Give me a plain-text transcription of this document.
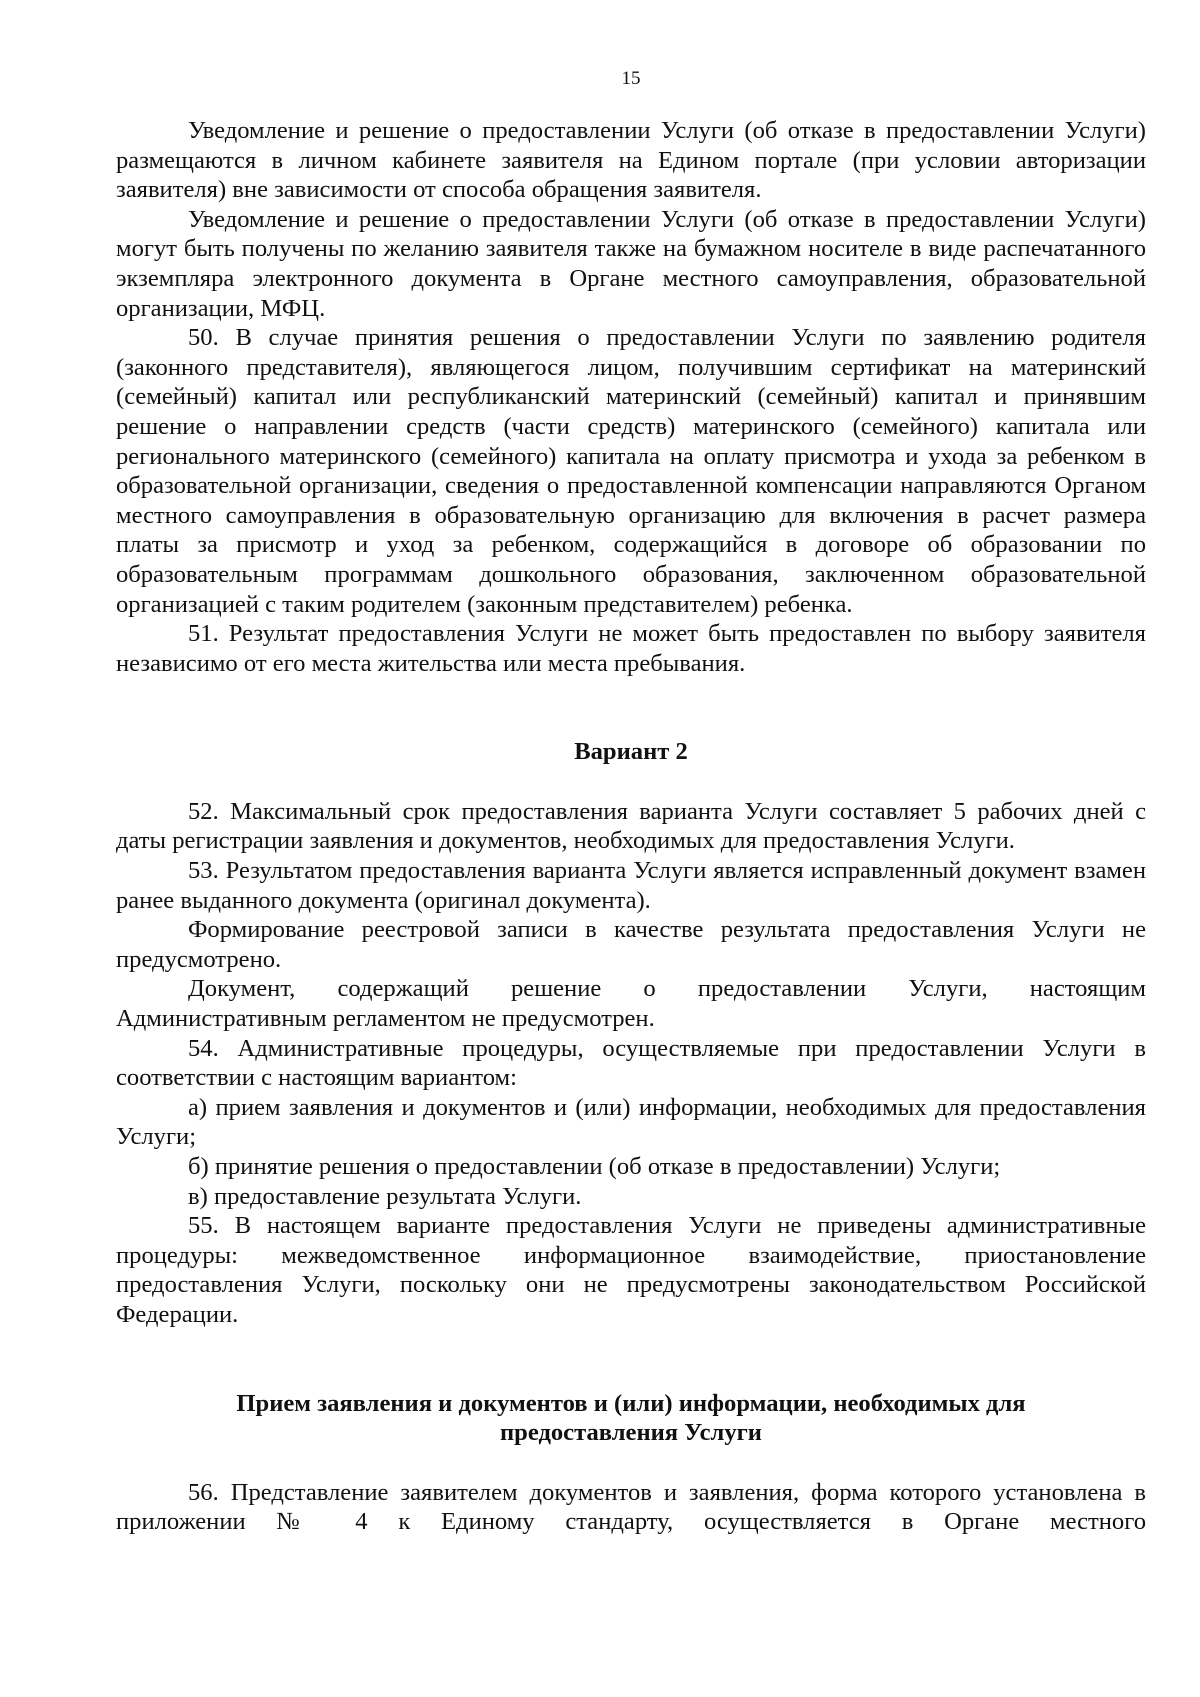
15

Уведомление и решение о предоставлении Услуги (об отказе в предоставлении Услуги) размещаются в личном кабинете заявителя на Едином портале (при условии авторизации заявителя) вне зависимости от способа обращения заявителя.

Уведомление и решение о предоставлении Услуги (об отказе в предоставлении Услуги) могут быть получены по желанию заявителя также на бумажном носителе в виде распечатанного экземпляра электронного документа в Органе местного самоуправления, образовательной организации, МФЦ.

50. В случае принятия решения о предоставлении Услуги по заявлению родителя (законного представителя), являющегося лицом, получившим сертификат на материнский (семейный) капитал или республиканский материнский (семейный) капитал и принявшим решение о направлении средств (части средств) материнского (семейного) капитала или регионального материнского (семейного) капитала на оплату присмотра и ухода за ребенком в образовательной организации, сведения о предоставленной компенсации направляются Органом местного самоуправления в образовательную организацию для включения в расчет размера платы за присмотр и уход за ребенком, содержащийся в договоре об образовании по образовательным программам дошкольного образования, заключенном образовательной организацией с таким родителем (законным представителем) ребенка.

51. Результат предоставления Услуги не может быть предоставлен по выбору заявителя независимо от его места жительства или места пребывания.

Вариант 2

52. Максимальный срок предоставления варианта Услуги составляет 5 рабочих дней с даты регистрации заявления и документов, необходимых для предоставления Услуги.

53. Результатом предоставления варианта Услуги является исправленный документ взамен ранее выданного документа (оригинал документа).

Формирование реестровой записи в качестве результата предоставления Услуги не предусмотрено.

Документ, содержащий решение о предоставлении Услуги, настоящим Административным регламентом не предусмотрен.

54. Административные процедуры, осуществляемые при предоставлении Услуги в соответствии с настоящим вариантом:

а) прием заявления и документов и (или) информации, необходимых для предоставления Услуги;

б) принятие решения о предоставлении (об отказе в предоставлении) Услуги;

в) предоставление результата Услуги.

55. В настоящем варианте предоставления Услуги не приведены административные процедуры: межведомственное информационное взаимодействие, приостановление предоставления Услуги, поскольку они не предусмотрены законодательством Российской Федерации.

Прием заявления и документов и (или) информации, необходимых для

предоставления Услуги

56. Представление заявителем документов и заявления, форма которого установлена в приложении № 4 к Единому стандарту, осуществляется в Органе местного
